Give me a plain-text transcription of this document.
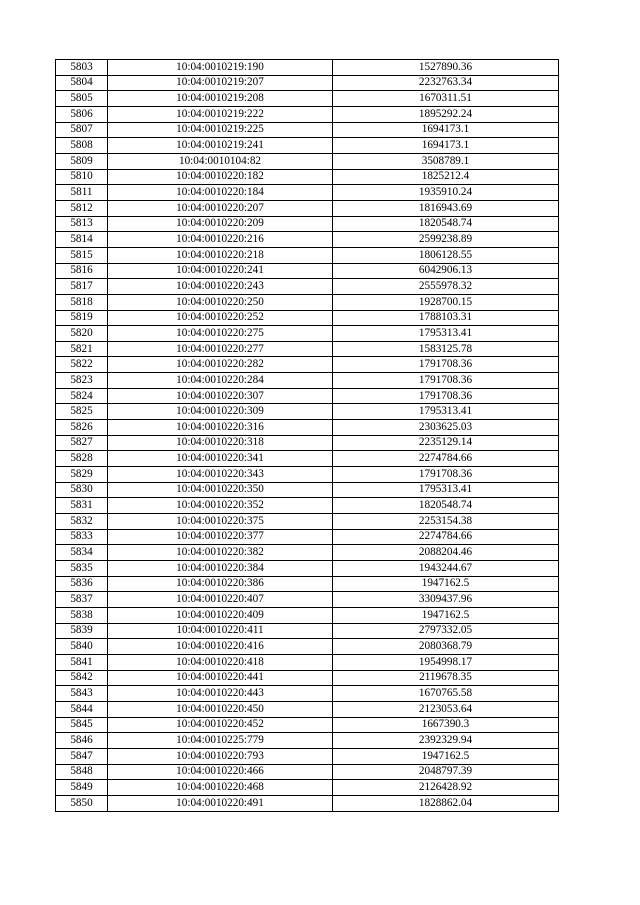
5803	10:04:0010219:190	1527890.36
5804	10:04:0010219:207	2232763.34
5805	10:04:0010219:208	1670311.51
5806	10:04:0010219:222	1895292.24
5807	10:04:0010219:225	1694173.1
5808	10:04:0010219:241	1694173.1
5809	10:04:0010104:82	3508789.1
5810	10:04:0010220:182	1825212.4
5811	10:04:0010220:184	1935910.24
5812	10:04:0010220:207	1816943.69
5813	10:04:0010220:209	1820548.74
5814	10:04:0010220:216	2599238.89
5815	10:04:0010220:218	1806128.55
5816	10:04:0010220:241	6042906.13
5817	10:04:0010220:243	2555978.32
5818	10:04:0010220:250	1928700.15
5819	10:04:0010220:252	1788103.31
5820	10:04:0010220:275	1795313.41
5821	10:04:0010220:277	1583125.78
5822	10:04:0010220:282	1791708.36
5823	10:04:0010220:284	1791708.36
5824	10:04:0010220:307	1791708.36
5825	10:04:0010220:309	1795313.41
5826	10:04:0010220:316	2303625.03
5827	10:04:0010220:318	2235129.14
5828	10:04:0010220:341	2274784.66
5829	10:04:0010220:343	1791708.36
5830	10:04:0010220:350	1795313.41
5831	10:04:0010220:352	1820548.74
5832	10:04:0010220:375	2253154.38
5833	10:04:0010220:377	2274784.66
5834	10:04:0010220:382	2088204.46
5835	10:04:0010220:384	1943244.67
5836	10:04:0010220:386	1947162.5
5837	10:04:0010220:407	3309437.96
5838	10:04:0010220:409	1947162.5
5839	10:04:0010220:411	2797332.05
5840	10:04:0010220:416	2080368.79
5841	10:04:0010220:418	1954998.17
5842	10:04:0010220:441	2119678.35
5843	10:04:0010220:443	1670765.58
5844	10:04:0010220:450	2123053.64
5845	10:04:0010220:452	1667390.3
5846	10:04:0010225:779	2392329.94
5847	10:04:0010220:793	1947162.5
5848	10:04:0010220:466	2048797.39
5849	10:04:0010220:468	2126428.92
5850	10:04:0010220:491	1828862.04
